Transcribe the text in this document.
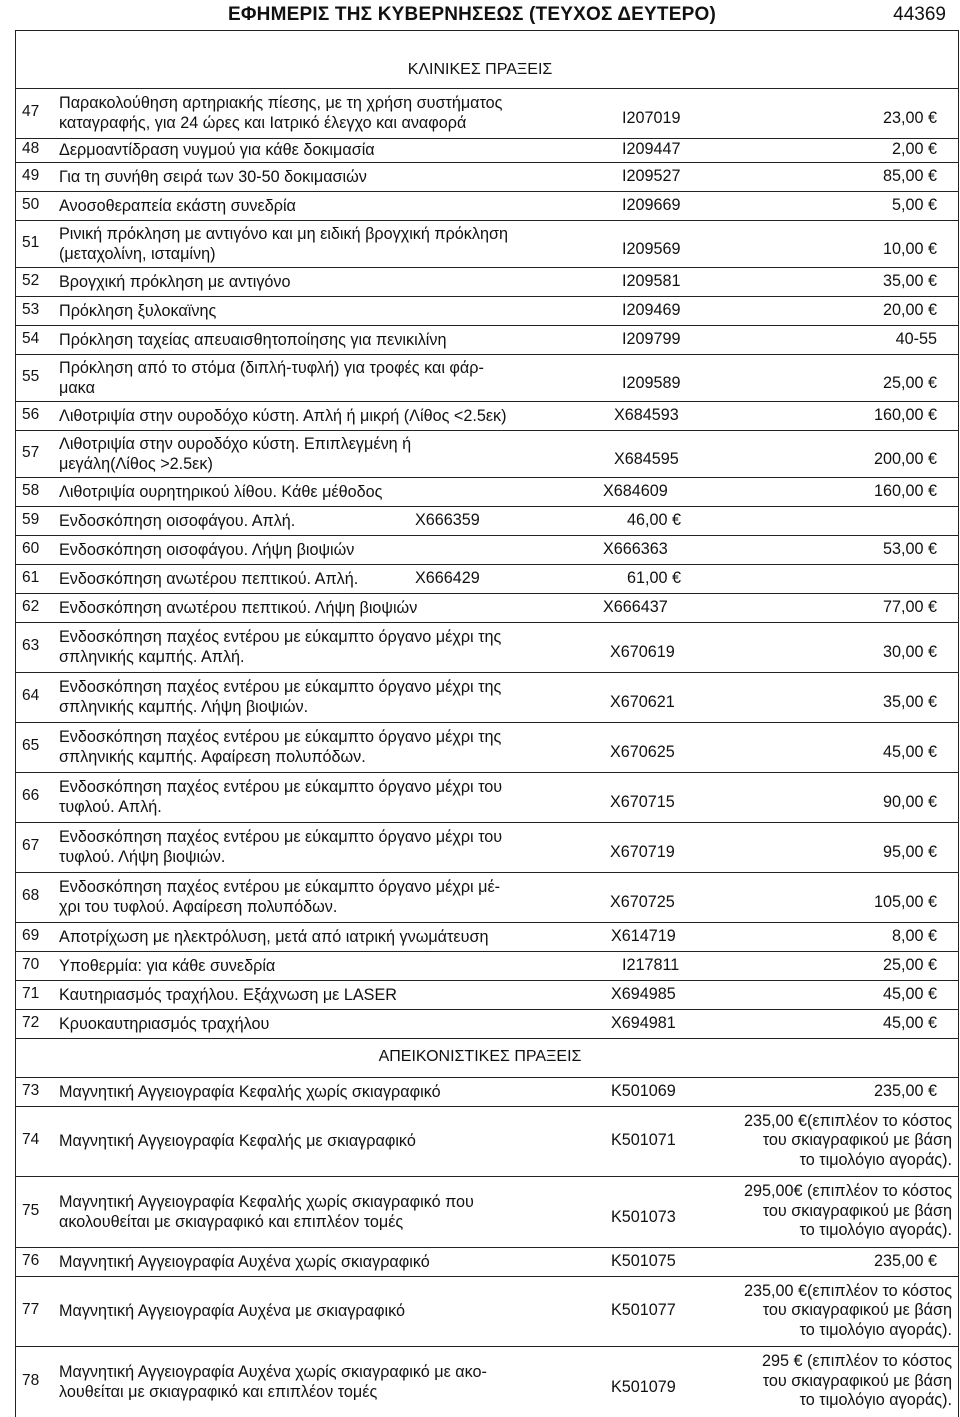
ΕΦΗΜΕΡΙΣ ΤΗΣ ΚΥΒΕΡΝΗΣΕΩΣ (ΤΕΥΧΟΣ ΔΕΥΤΕΡΟ)	44369
47 Παρακολούθηση αρτηριακής πίεσης, με τη χρήση συστήματος
καταγραφής, για 24 ώρες και Ιατρικό έλεγχο και αναφορά	Ι207019	23,00 €
48 Δερμοαντίδραση νυγμού για κάθε δοκιμασία	Ι209447	2,00 €
49 Για τη συνήθη σειρά των 30-50 δοκιμασιών	Ι209527	85,00 €
50 Ανοσοθεραπεία εκάστη συνεδρία	Ι209669	5,00 €
51 Ρινική πρόκληση με αντιγόνο και μη ειδική βρογχική πρόκληση
(μεταχολίνη, ισταμίνη)	Ι209569	10,00 €
52 Βρογχική πρόκληση με αντιγόνο	Ι209581	35,00 €
53 Πρόκληση ξυλοκαϊνης	Ι209469	20,00 €
54 Πρόκληση ταχείας απευαισθητοποίησης για πενικιλίνη	Ι209799	40-55
55 Πρόκληση από το στόμα (διπλή-τυφλή) για τροφές και φάρ-
μακα	Ι209589	25,00 €
56 Λιθοτριψία στην ουροδόχο κύστη. Απλή ή μικρή (Λίθος <2.5εκ)	Χ684593	160,00 €
57 Λιθοτριψία στην ουροδόχο κύστη. Επιπλεγμένη ή
μεγάλη(Λίθος >2.5εκ)	Χ684595	200,00 €
58 Λιθοτριψία ουρητηρικού λίθου. Κάθε μέθοδος	Χ684609	160,00 €
59 Ενδοσκόπηση οισοφάγου. Απλή.	Χ666359	46,00 €
60 Ενδοσκόπηση οισοφάγου. Λήψη βιοψιών	Χ666363	53,00 €
61 Ενδοσκόπηση ανωτέρου πεπτικού. Απλή.	Χ666429	61,00 €
62 Ενδοσκόπηση ανωτέρου πεπτικού. Λήψη βιοψιών	Χ666437	77,00 €
63 Ενδοσκόπηση παχέος εντέρου με εύκαμπτο όργανο μέχρι της
σπληνικής καμπής. Απλή.	Χ670619	30,00 €
64 Ενδοσκόπηση παχέος εντέρου με εύκαμπτο όργανο μέχρι της
σπληνικής καμπής. Λήψη βιοψιών.	Χ670621	35,00 €
65 Ενδοσκόπηση παχέος εντέρου με εύκαμπτο όργανο μέχρι της
σπληνικής καμπής. Αφαίρεση πολυπόδων.	Χ670625	45,00 €
66 Ενδοσκόπηση παχέος εντέρου με εύκαμπτο όργανο μέχρι του
τυφλού. Απλή.	Χ670715	90,00 €
67 Ενδοσκόπηση παχέος εντέρου με εύκαμπτο όργανο μέχρι του
τυφλού. Λήψη βιοψιών.	Χ670719	95,00 €
68 Ενδοσκόπηση παχέος εντέρου με εύκαμπτο όργανο μέχρι μέ-
χρι του τυφλού. Αφαίρεση πολυπόδων.	Χ670725	105,00 €
69 Αποτρίχωση με ηλεκτρόλυση, μετά από ιατρική γνωμάτευση	Χ614719	8,00 €
70 Υποθερμία: για κάθε συνεδρία	Ι217811	25,00 €
71 Καυτηριασμός τραχήλου. Εξάχνωση με LASER	Χ694985	45,00 €
72 Κρυοκαυτηριασμός τραχήλου	Χ694981	45,00 €
73 Μαγνητική Αγγειογραφία Κεφαλής χωρίς σκιαγραφικό	Κ501069	235,00 €
74 Μαγνητική Αγγειογραφία Κεφαλής με σκιαγραφικό	Κ501071
235,00 €(επιπλέον το κόστος
του σκιαγραφικού με βάση
το τιμολόγιο αγοράς).
75 Μαγνητική Αγγειογραφία Κεφαλής χωρίς σκιαγραφικό που
ακολουθείται με σκιαγραφικό και επιπλέον τομές	Κ501073
295,00€ (επιπλέον το κόστος
του σκιαγραφικού με βάση
το τιμολόγιο αγοράς).
76 Μαγνητική Αγγειογραφία Αυχένα χωρίς σκιαγραφικό	Κ501075	235,00 €
77 Μαγνητική Αγγειογραφία Αυχένα με σκιαγραφικό	Κ501077
235,00 €(επιπλέον το κόστος
του σκιαγραφικού με βάση
το τιμολόγιο αγοράς).
78 Μαγνητική Αγγειογραφία Αυχένα χωρίς σκιαγραφικό με ακο-
λουθείται με σκιαγραφικό και επιπλέον τομές	Κ501079
295 € (επιπλέον το κόστος
του σκιαγραφικού με βάση
το τιμολόγιο αγοράς).
ΚΛΙΝΙΚΕΣ ΠΡΑΞΕΙΣ
ΑΠΕΙΚΟΝΙΣΤΙΚΕΣ ΠΡΑΞΕΙΣ
